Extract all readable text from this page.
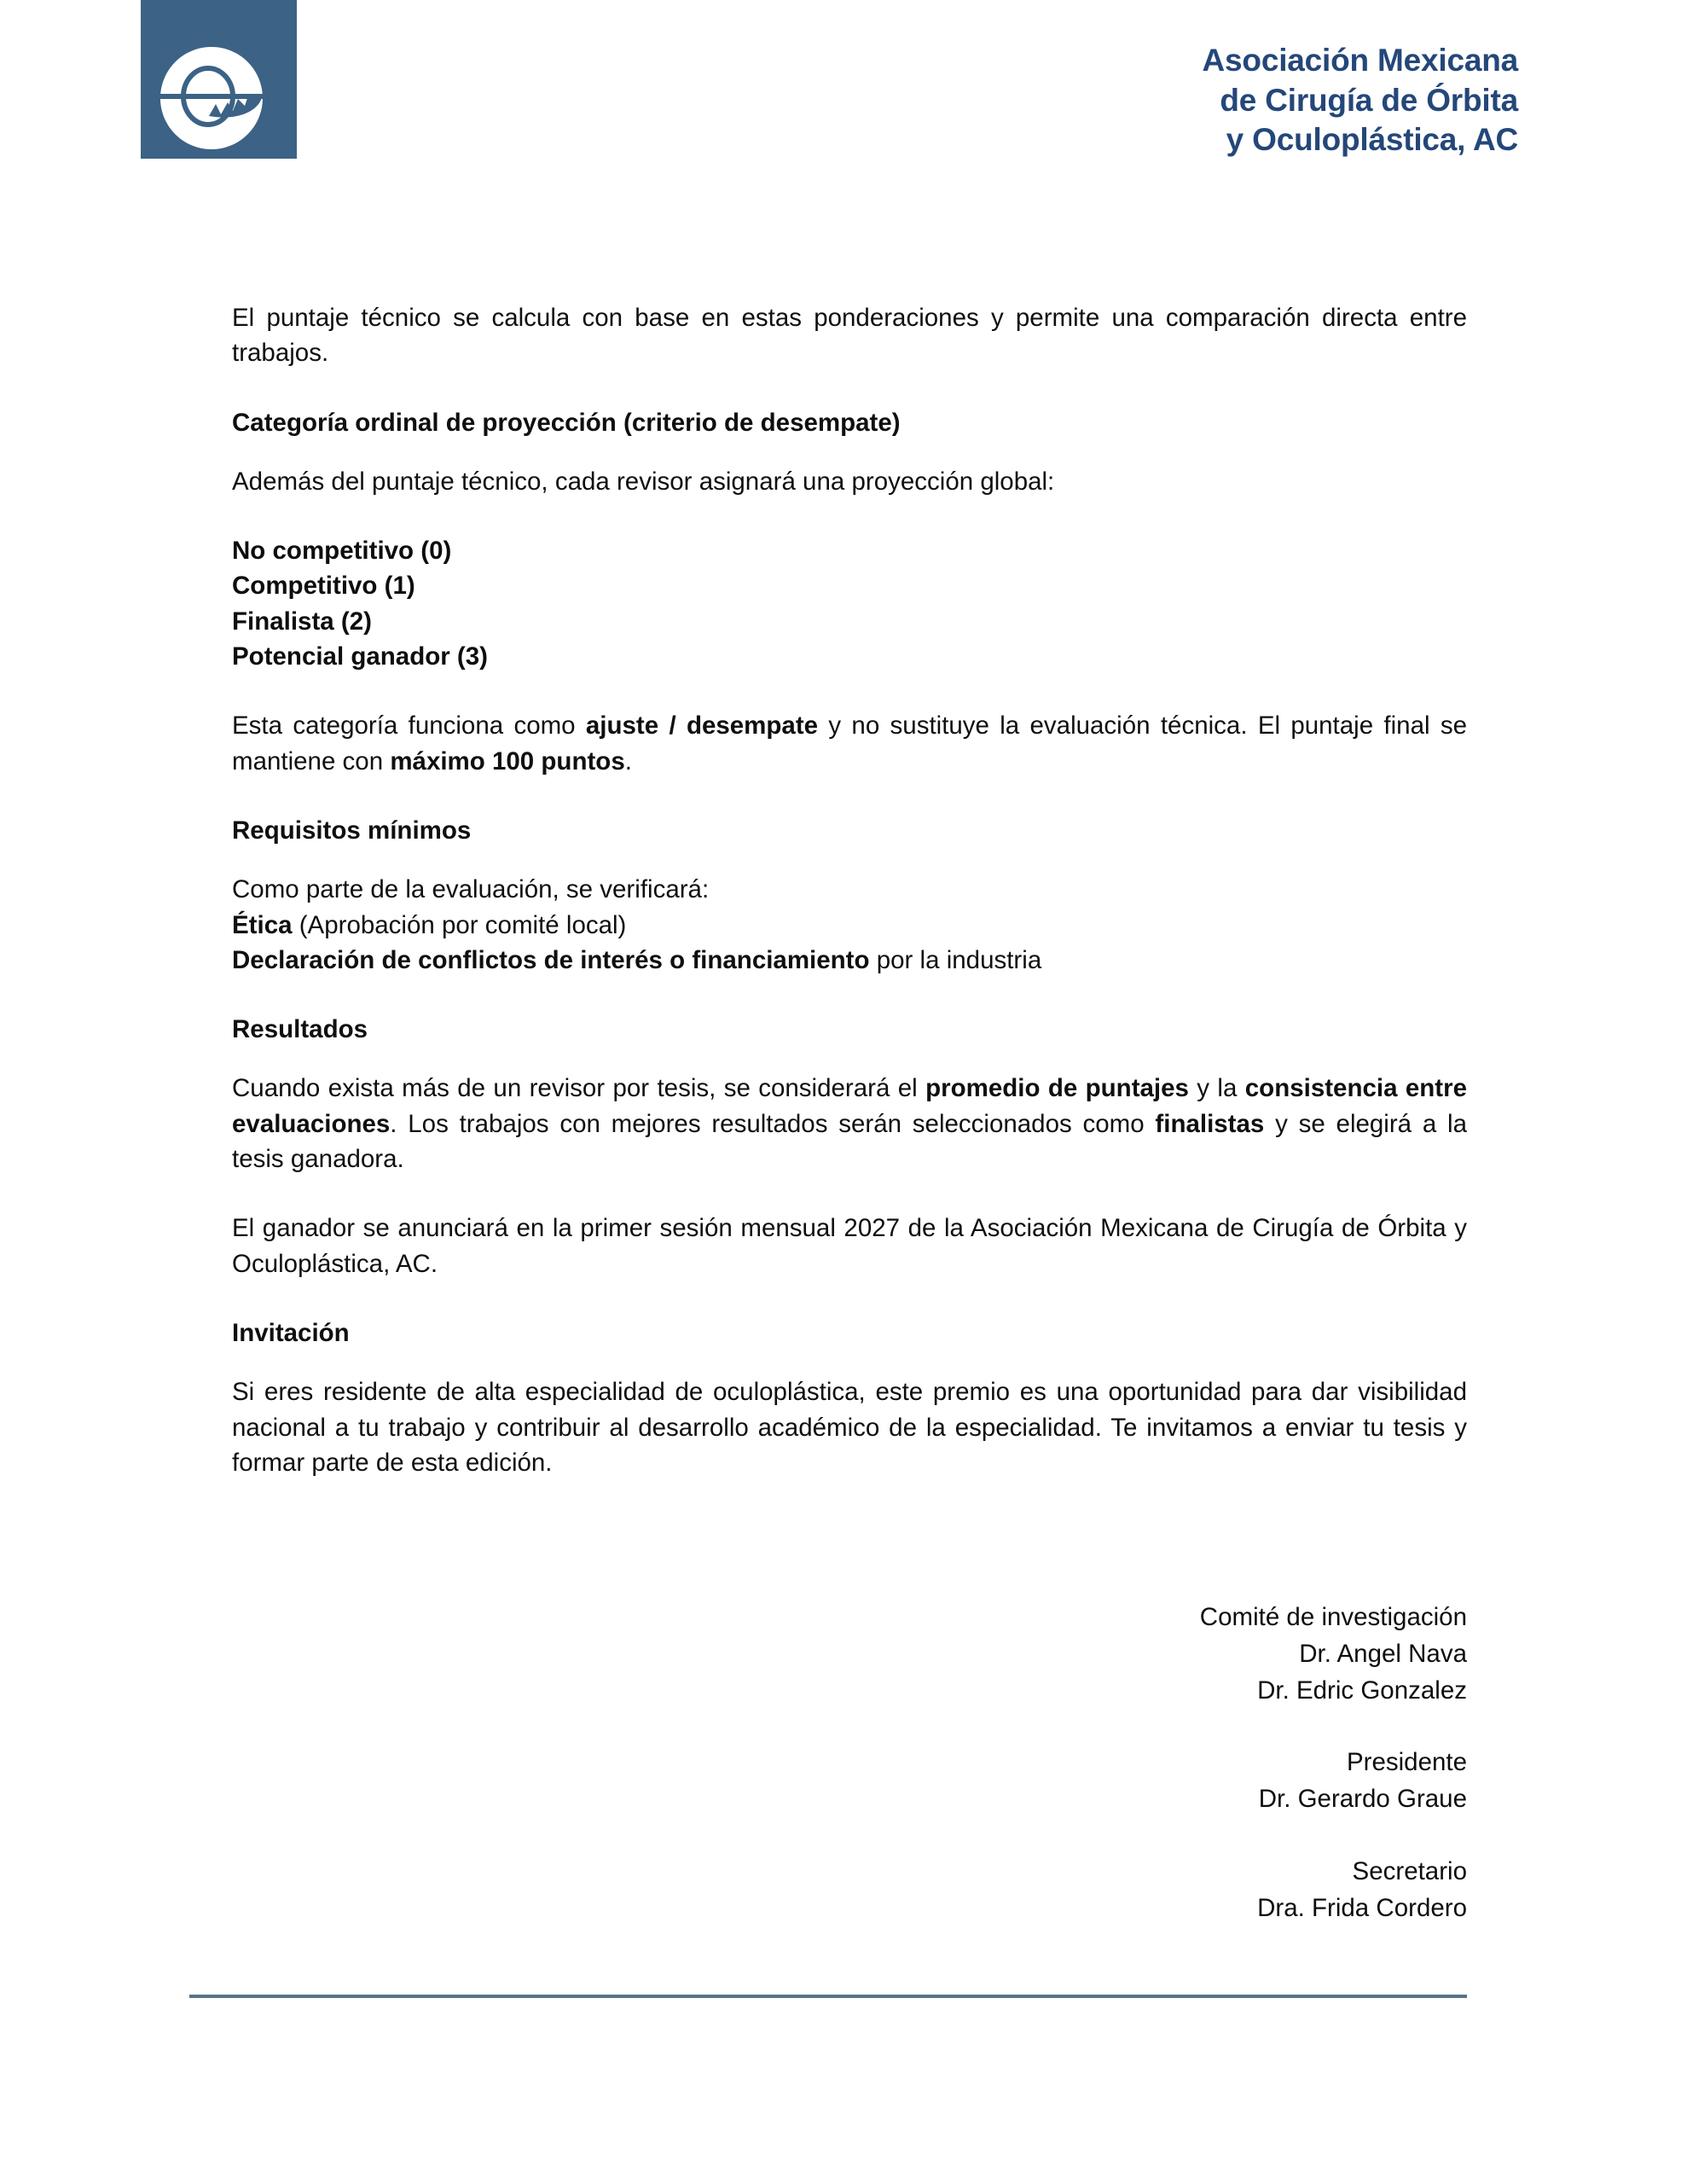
Asociación Mexicana
de Cirugía de Órbita
y Oculoplástica, AC

El puntaje técnico se calcula con base en estas ponderaciones y permite una comparación directa entre trabajos.

Categoría ordinal de proyección (criterio de desempate)

Además del puntaje técnico, cada revisor asignará una proyección global:

No competitivo (0)
Competitivo (1)
Finalista (2)
Potencial ganador (3)

Esta categoría funciona como ajuste / desempate y no sustituye la evaluación técnica. El puntaje final se mantiene con máximo 100 puntos.

Requisitos mínimos

Como parte de la evaluación, se verificará:

Ética (Aprobación por comité local)

Declaración de conflictos de interés o financiamiento por la industria

Resultados

Cuando exista más de un revisor por tesis, se considerará el promedio de puntajes y la consistencia entre evaluaciones. Los trabajos con mejores resultados serán seleccionados como finalistas y se elegirá a la tesis ganadora.

El ganador se anunciará en la primer sesión mensual 2027 de la Asociación Mexicana de Cirugía de Órbita y Oculoplástica, AC.

Invitación

Si eres residente de alta especialidad de oculoplástica, este premio es una oportunidad para dar visibilidad nacional a tu trabajo y contribuir al desarrollo académico de la especialidad. Te invitamos a enviar tu tesis y formar parte de esta edición.

Comité de investigación
Dr. Angel Nava
Dr. Edric Gonzalez
Presidente
Dr. Gerardo Graue
Secretario
Dra. Frida Cordero
